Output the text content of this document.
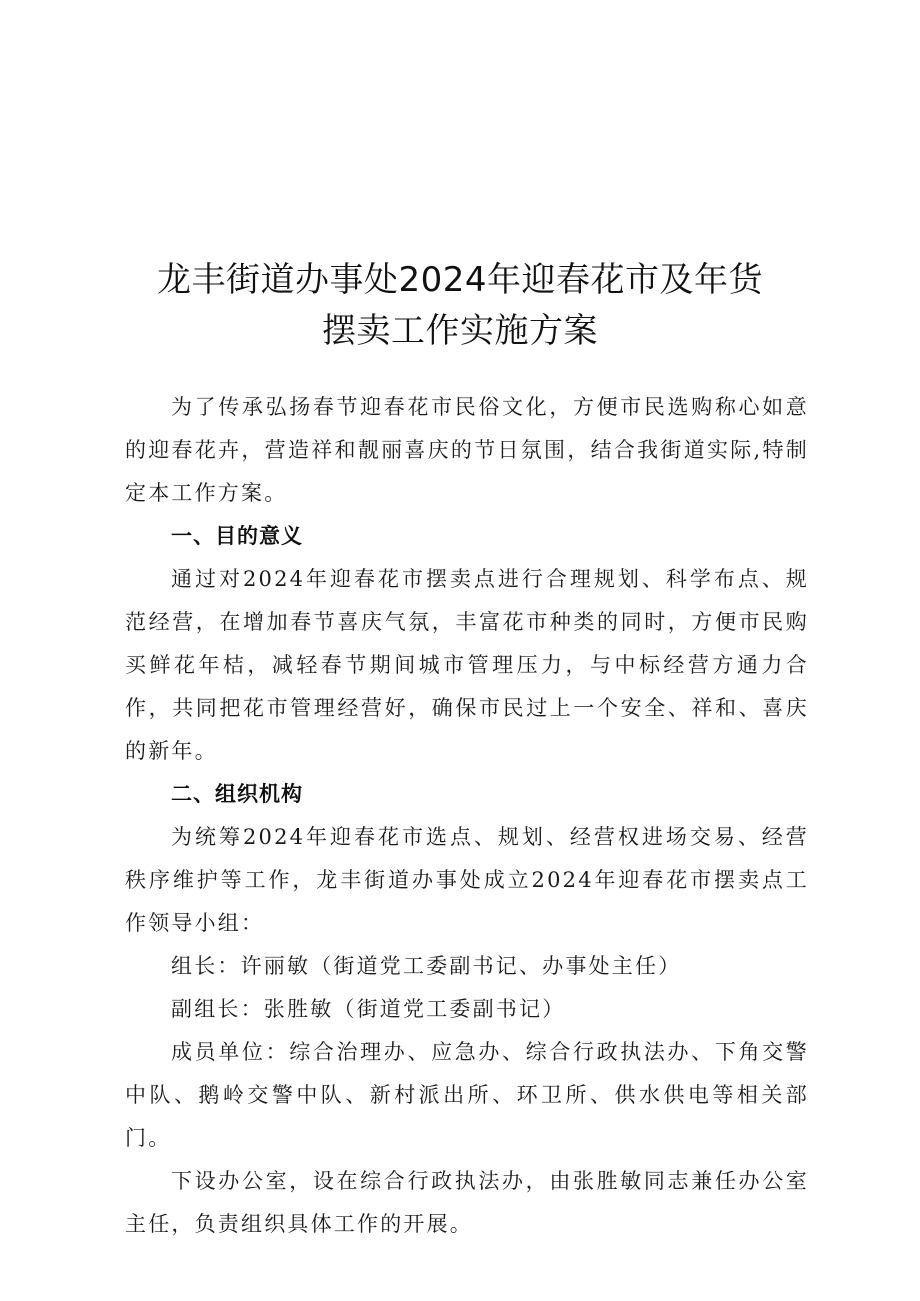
龙丰街道办事处2024年迎春花市及年货
摆卖工作实施方案

为了传承弘扬春节迎春花市民俗文化，方便市民选购称心如意的迎春花卉，营造祥和靓丽喜庆的节日氛围，结合我街道实际,特制定本工作方案。

一、目的意义

通过对2024年迎春花市摆卖点进行合理规划、科学布点、规范经营，在增加春节喜庆气氛，丰富花市种类的同时，方便市民购买鲜花年桔，减轻春节期间城市管理压力，与中标经营方通力合作，共同把花市管理经营好，确保市民过上一个安全、祥和、喜庆的新年。

二、组织机构

为统筹2024年迎春花市选点、规划、经营权进场交易、经营秩序维护等工作，龙丰街道办事处成立2024年迎春花市摆卖点工作领导小组：

组长：许丽敏（街道党工委副书记、办事处主任）

副组长：张胜敏（街道党工委副书记）

成员单位：综合治理办、应急办、综合行政执法办、下角交警中队、鹅岭交警中队、新村派出所、环卫所、供水供电等相关部门。

下设办公室，设在综合行政执法办，由张胜敏同志兼任办公室主任，负责组织具体工作的开展。
